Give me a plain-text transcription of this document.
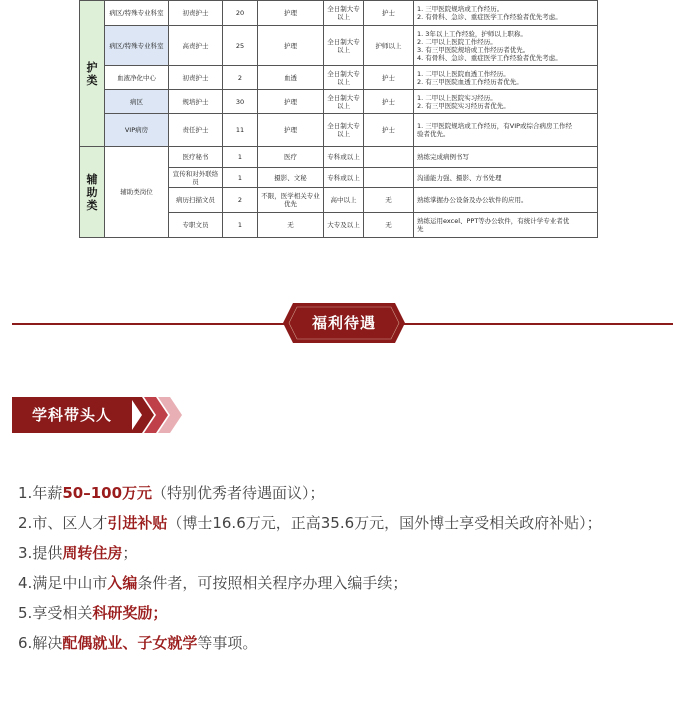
护类	病区/特殊专业科室	初责护士	20	护理	全日制大专以上	护士	1. 三甲医院规培或工作经历。
2. 有骨科、急诊、重症医学工作经验者优先考虑。

	病区/特殊专业科室	高责护士	25	护理	全日制大专以上	护师以上	1. 3年以上工作经验，护师以上职称。
2. 二甲以上医院工作经历。
3. 有三甲医院规培或工作经历者优先。
4. 有骨科、急诊、重症医学工作经验者优先考虑。

	血液净化中心	初责护士	2	血透	全日制大专以上	护士	1. 二甲以上医院血透工作经历。
2. 有三甲医院血透工作经历者优先。

	病区	规培护士	30	护理	全日制大专以上	护士	1. 二甲以上医院实习经历。
2. 有三甲医院实习经历者优先。

	VIP病房	责任护士	11	护理	全日制大专以上	护士	1. 三甲医院规培或工作经历，有VIP或综合病房工作经
验者优先。

辅助类	辅助类岗位	医疗秘书	1	医疗	专科或以上		熟练完成病例书写

		宣传和对外联络员	1	摄影、文秘	专科或以上		沟通能力强、摄影、方书处理

		病历扫描文员	2	不限，医学相关专业优先	高中以上	无	熟练掌握办公设备及办公软件的应用。

		专职文员	1	无	大专及以上	无	熟练运用excel、PPT等办公软件，有统计学专业者优
先
福利待遇
学科带头人

1.年薪50–100万元（特别优秀者待遇面议）；

2.市、区人才引进补贴（博士16.6万元，正高35.6万元，国外博士享受相关政府补贴）；

3.提供周转住房；

4.满足中山市入编条件者，可按照相关程序办理入编手续；

5.享受相关科研奖励；

6.解决配偶就业、子女就学等事项。
